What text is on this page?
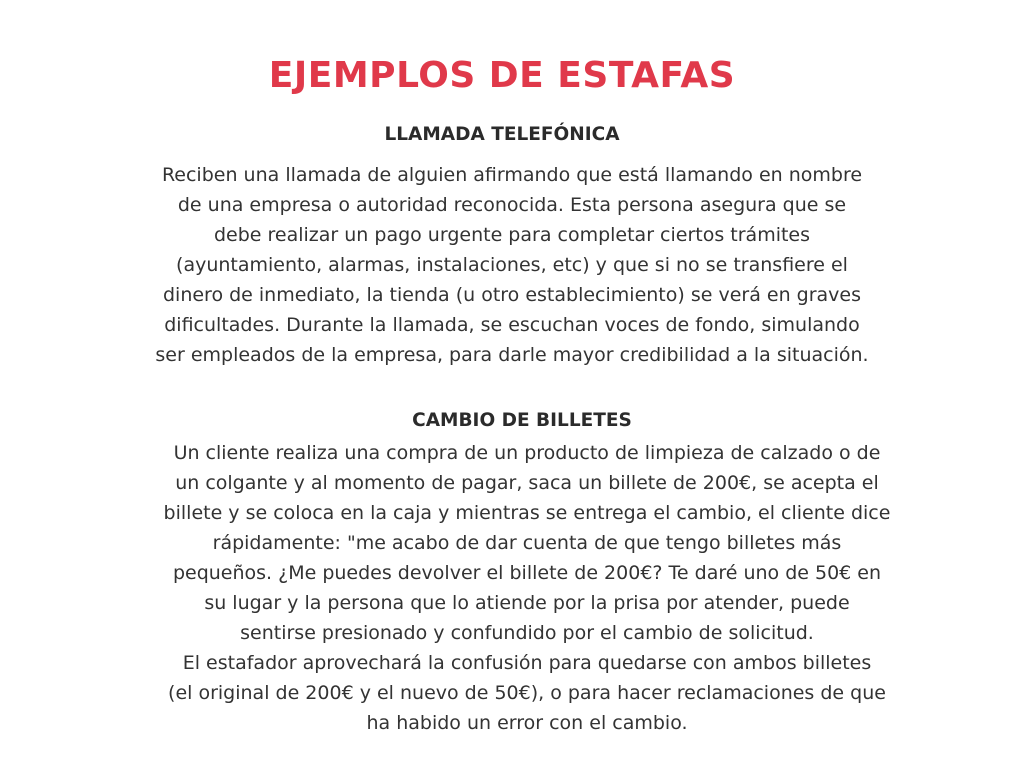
EJEMPLOS DE ESTAFAS
LLAMADA TELEFÓNICA
Reciben una llamada de alguien afirmando que está llamando en nombre
de una empresa o autoridad reconocida. Esta persona asegura que se
debe realizar un pago urgente para completar ciertos trámites
(ayuntamiento, alarmas, instalaciones, etc) y que si no se transfiere el
dinero de inmediato, la tienda (u otro establecimiento) se verá en graves
dificultades. Durante la llamada, se escuchan voces de fondo, simulando
ser empleados de la empresa, para darle mayor credibilidad a la situación.
CAMBIO DE BILLETES
Un cliente realiza una compra de un producto de limpieza de calzado o de
un colgante y al momento de pagar, saca un billete de 200€, se acepta el
billete y se coloca en la caja y mientras se entrega el cambio, el cliente dice
rápidamente: "me acabo de dar cuenta de que tengo billetes más
pequeños. ¿Me puedes devolver el billete de 200€? Te daré uno de 50€ en
su lugar y la persona que lo atiende por la prisa por atender, puede
sentirse presionado y confundido por el cambio de solicitud.
El estafador aprovechará la confusión para quedarse con ambos billetes
(el original de 200€ y el nuevo de 50€), o para hacer reclamaciones de que
ha habido un error con el cambio.
